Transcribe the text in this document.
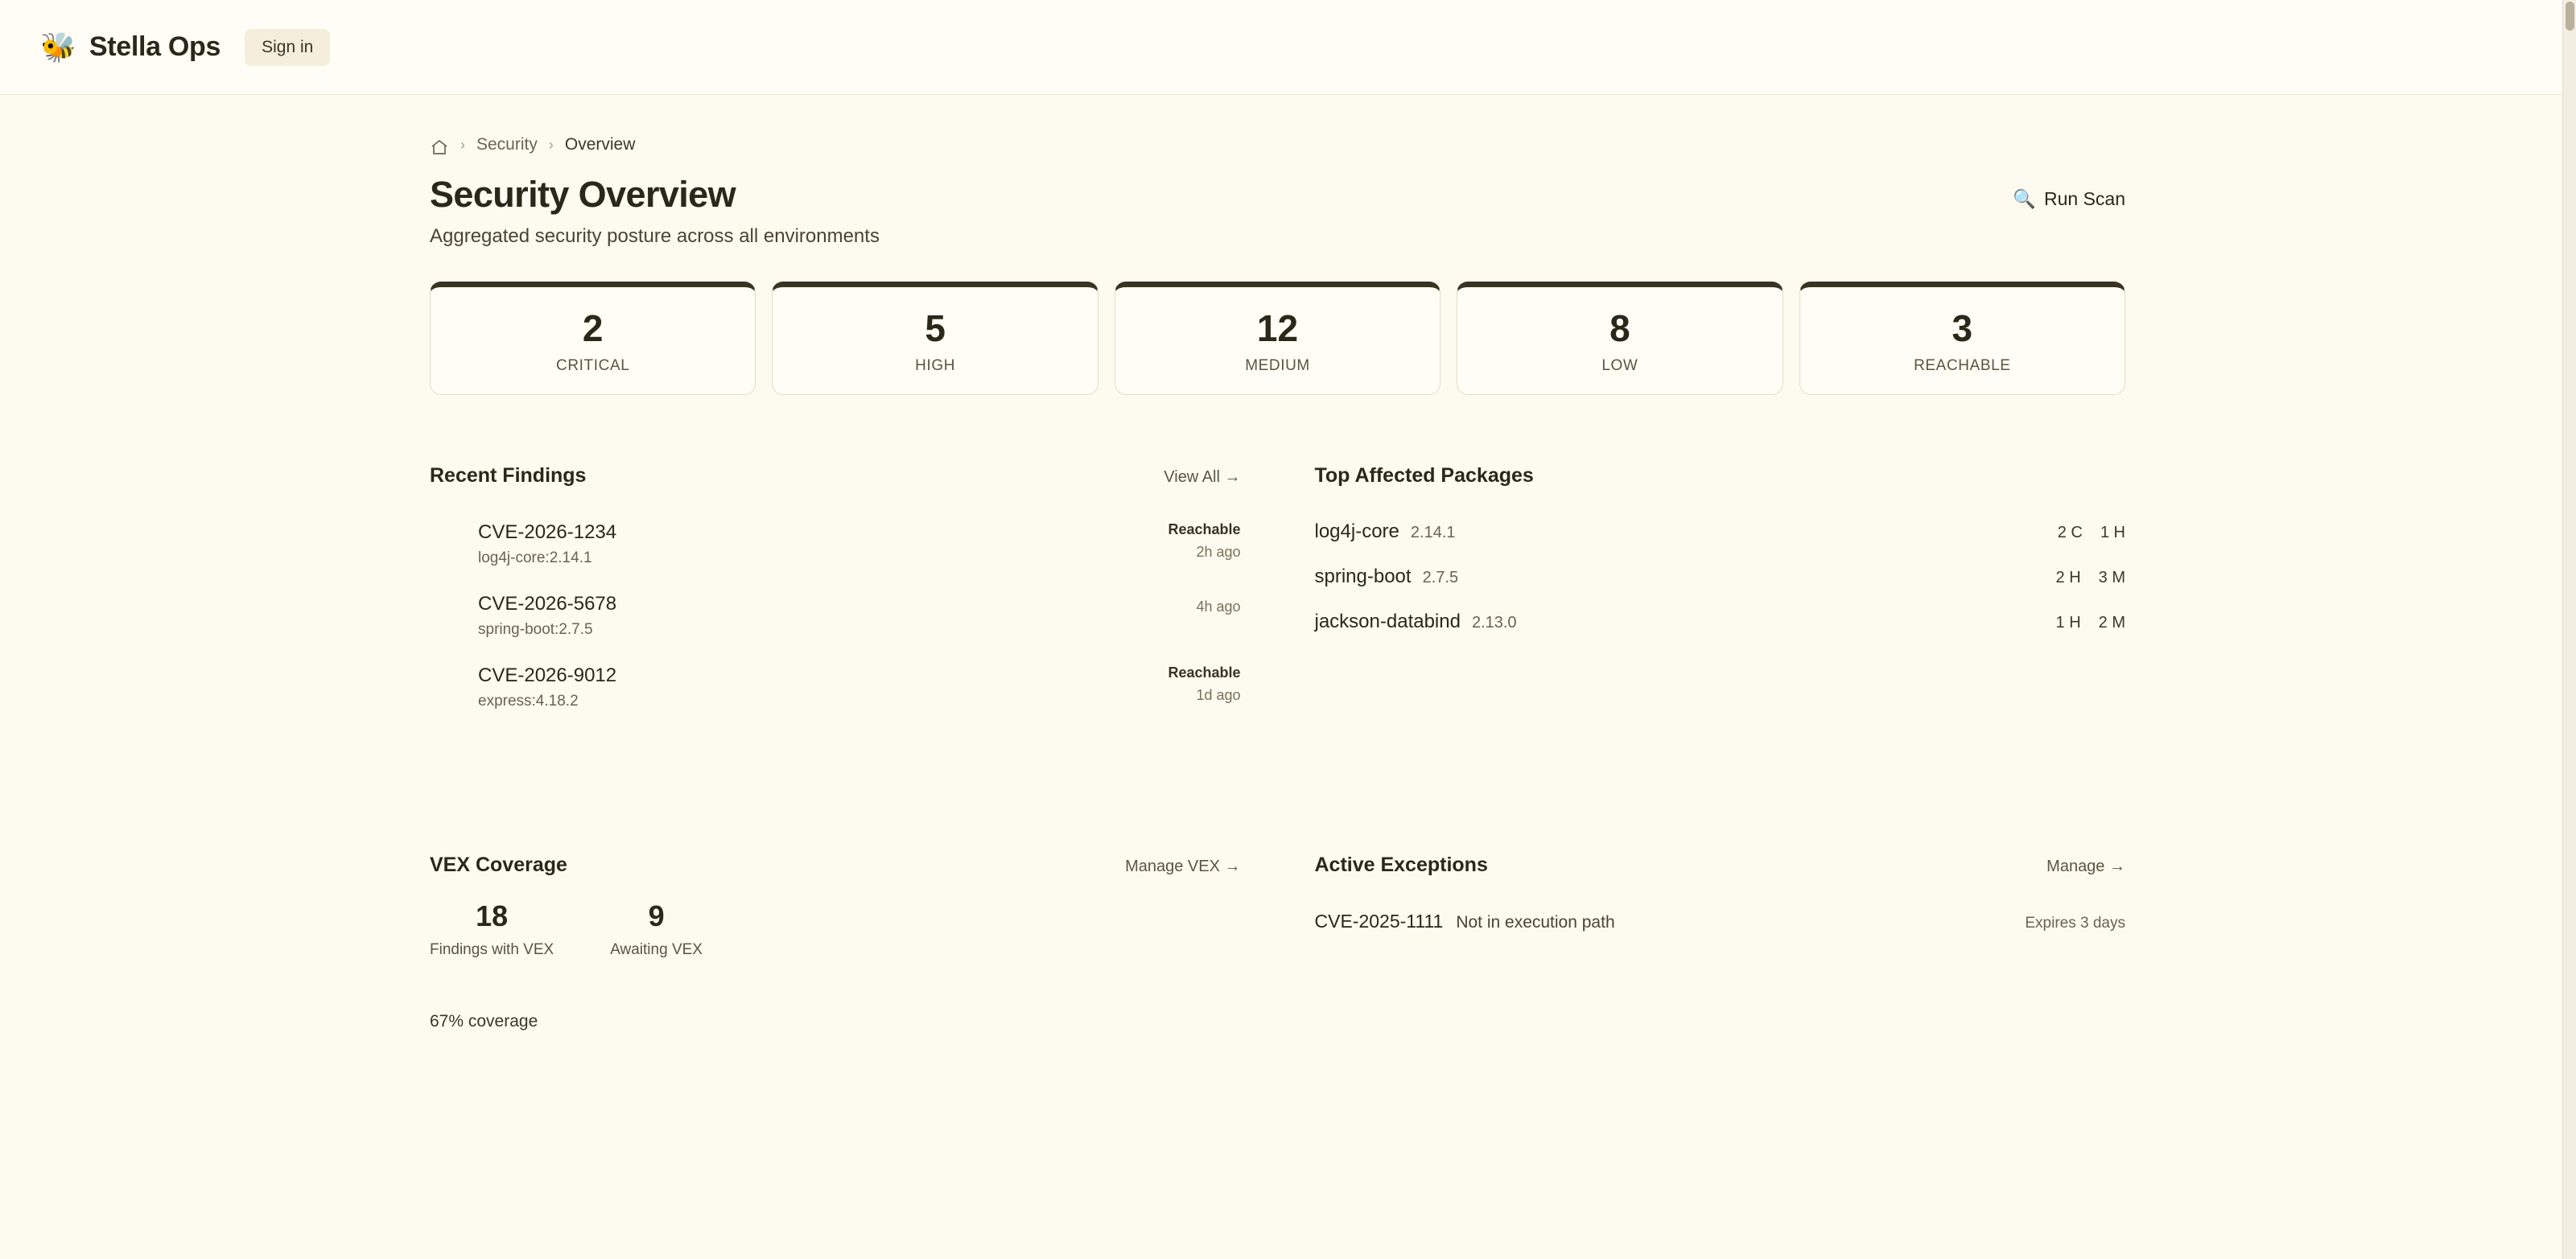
🐝 Stella Ops	Sign in
› Security › Overview
Security Overview
Aggregated security posture across all environments
🔍 Run Scan
2
CRITICAL
5
HIGH
12
MEDIUM
8
LOW
3
REACHABLE
Recent Findings	View All →
CVE-2026-1234
log4j-core:2.14.1
Reachable
2h ago
CVE-2026-5678
spring-boot:2.7.5
4h ago
CVE-2026-9012
express:4.18.2
Reachable
1d ago
Top Affected Packages
log4j-core 2.14.1	2 C 1 H
spring-boot 2.7.5	2 H 3 M
jackson-databind 2.13.0	1 H 2 M
VEX Coverage	Manage VEX →
18
Findings with VEX
9
Awaiting VEX
67% coverage
Active Exceptions	Manage →
CVE-2025-1111 Not in execution path	Expires 3 days
